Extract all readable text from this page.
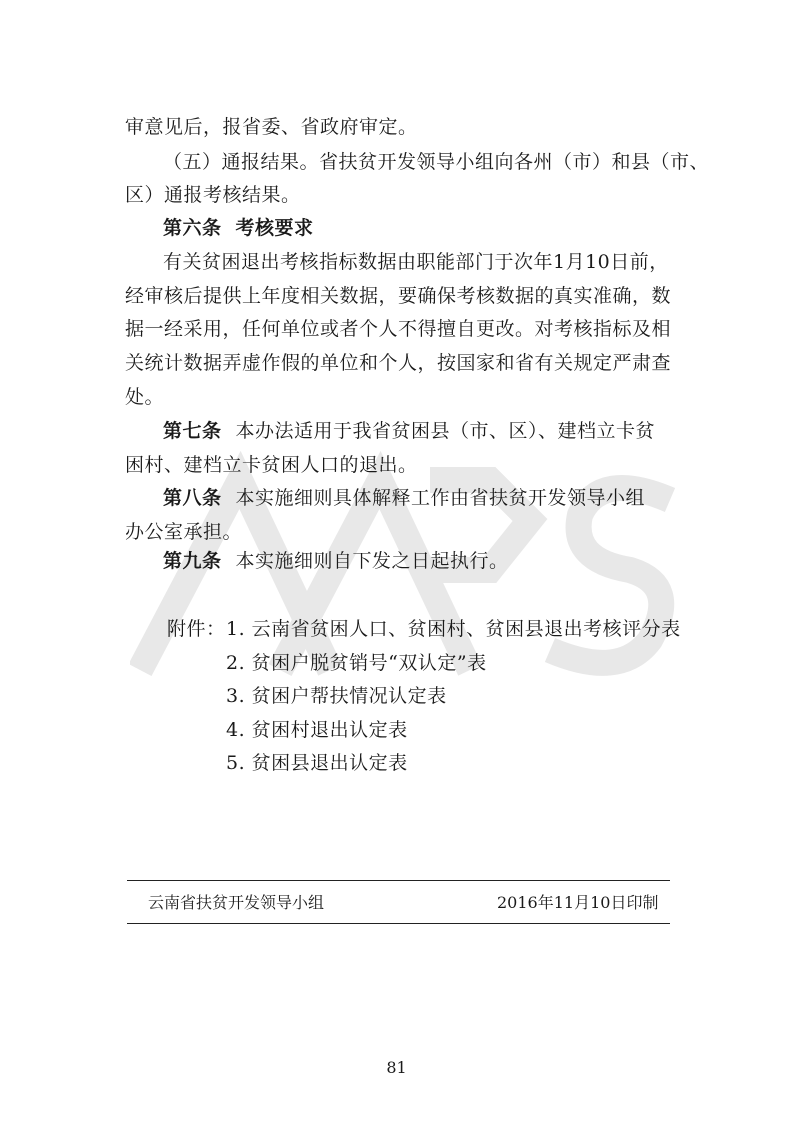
审意见后，报省委、省政府审定。
（五）通报结果。省扶贫开发领导小组向各州（市）和县（市、
区）通报考核结果。
第六条 考核要求
有关贫困退出考核指标数据由职能部门于次年1月10日前，
经审核后提供上年度相关数据，要确保考核数据的真实准确，数
据一经采用，任何单位或者个人不得擅自更改。对考核指标及相
关统计数据弄虚作假的单位和个人，按国家和省有关规定严肃查
处。
第七条 本办法适用于我省贫困县（市、区）、建档立卡贫
困村、建档立卡贫困人口的退出。
第八条 本实施细则具体解释工作由省扶贫开发领导小组
办公室承担。
第九条 本实施细则自下发之日起执行。
附件： 1. 云南省贫困人口、贫困村、贫困县退出考核评分表
2. 贫困户脱贫销号“双认定”表
3. 贫困户帮扶情况认定表
4. 贫困村退出认定表
5. 贫困县退出认定表
云南省扶贫开发领导小组	2016年11月10日印制
81
